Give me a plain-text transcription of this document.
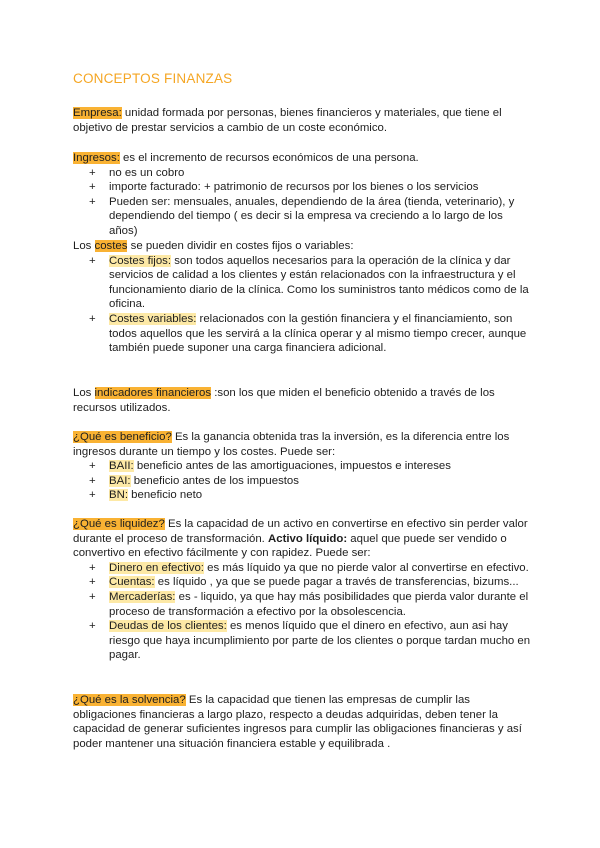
CONCEPTOS FINANZAS

Empresa: unidad formada por personas, bienes financieros y materiales, que tiene el objetivo de prestar servicios a cambio de un coste económico.

Ingresos: es el incremento de recursos económicos de una persona.

+ no es un cobro
+ importe facturado: + patrimonio de recursos por los bienes o los servicios
+ Pueden ser: mensuales, anuales, dependiendo de la área (tienda, veterinario), y dependiendo del tiempo ( es decir si la empresa va creciendo a lo largo de los años)

Los costes se pueden dividir en costes fijos o variables:

+ Costes fijos: son todos aquellos necesarios para la operación de la clínica y dar servicios de calidad a los clientes y están relacionados con la infraestructura y el funcionamiento diario de la clínica. Como los suministros tanto médicos como de la oficina.
+ Costes variables: relacionados con la gestión financiera y el financiamiento, son todos aquellos que les servirá a la clínica operar y al mismo tiempo crecer, aunque también puede suponer una carga financiera adicional.

Los indicadores financieros :son los que miden el beneficio obtenido a través de los recursos utilizados.

¿Qué es beneficio? Es la ganancia obtenida tras la inversión, es la diferencia entre los ingresos durante un tiempo y los costes. Puede ser:

+ BAII: beneficio antes de las amortiguaciones, impuestos e intereses
+ BAI: beneficio antes de los impuestos
+ BN: beneficio neto

¿Qué es liquidez? Es la capacidad de un activo en convertirse en efectivo sin perder valor durante el proceso de transformación. Activo líquido: aquel que puede ser vendido o convertivo en efectivo fácilmente y con rapidez. Puede ser:

+ Dinero en efectivo: es más líquido ya que no pierde valor al convertirse en efectivo.
+ Cuentas: es líquido , ya que se puede pagar a través de transferencias, bizums...
+ Mercaderías: es - liquido, ya que hay más posibilidades que pierda valor durante el proceso de transformación a efectivo por la obsolescencia.
+ Deudas de los clientes: es menos líquido que el dinero en efectivo, aun asi hay riesgo que haya incumplimiento por parte de los clientes o porque tardan mucho en pagar.

¿Qué es la solvencia? Es la capacidad que tienen las empresas de cumplir las obligaciones financieras a largo plazo, respecto a deudas adquiridas, deben tener la capacidad de generar suficientes ingresos para cumplir las obligaciones financieras y así poder mantener una situación financiera estable y equilibrada .
